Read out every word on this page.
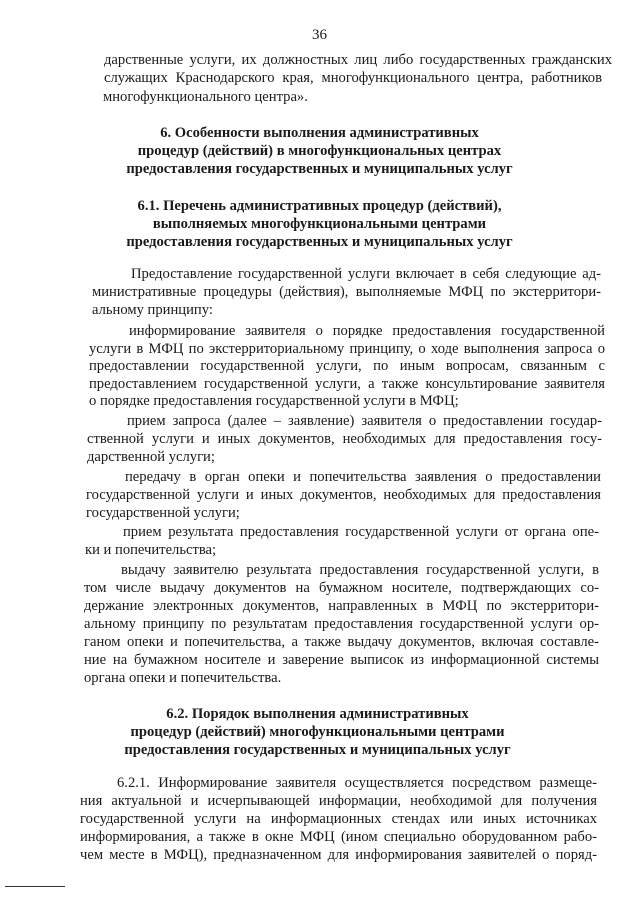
36
дарственные услуги, их должностных лиц либо государственных гражданских
служащих Краснодарского края, многофункционального центра, работников
многофункционального центра».
6. Особенности выполнения административных
процедур (действий) в многофункциональных центрах
предоставления государственных и муниципальных услуг
6.1. Перечень административных процедур (действий),
выполняемых многофункциональными центрами
предоставления государственных и муниципальных услуг
Предоставление государственной услуги включает в себя следующие ад-
министративные процедуры (действия), выполняемые МФЦ по экстерритори-
альному принципу:
информирование заявителя о порядке предоставления государственной
услуги в МФЦ по экстерриториальному принципу, о ходе выполнения запроса о
предоставлении государственной услуги, по иным вопросам, связанным с
предоставлением государственной услуги, а также консультирование заявителя
о порядке предоставления государственной услуги в МФЦ;
прием запроса (далее – заявление) заявителя о предоставлении государ-
ственной услуги и иных документов, необходимых для предоставления госу-
дарственной услуги;
передачу в орган опеки и попечительства заявления о предоставлении
государственной услуги и иных документов, необходимых для предоставления
государственной услуги;
прием результата предоставления государственной услуги от органа опе-
ки и попечительства;
выдачу заявителю результата предоставления государственной услуги, в
том числе выдачу документов на бумажном носителе, подтверждающих со-
держание электронных документов, направленных в МФЦ по экстерритори-
альному принципу по результатам предоставления государственной услуги ор-
ганом опеки и попечительства, а также выдачу документов, включая составле-
ние на бумажном носителе и заверение выписок из информационной системы
органа опеки и попечительства.
6.2. Порядок выполнения административных
процедур (действий) многофункциональными центрами
предоставления государственных и муниципальных услуг
6.2.1. Информирование заявителя осуществляется посредством размеще-
ния актуальной и исчерпывающей информации, необходимой для получения
государственной услуги на информационных стендах или иных источниках
информирования, а также в окне МФЦ (ином специально оборудованном рабо-
чем месте в МФЦ), предназначенном для информирования заявителей о поряд-
